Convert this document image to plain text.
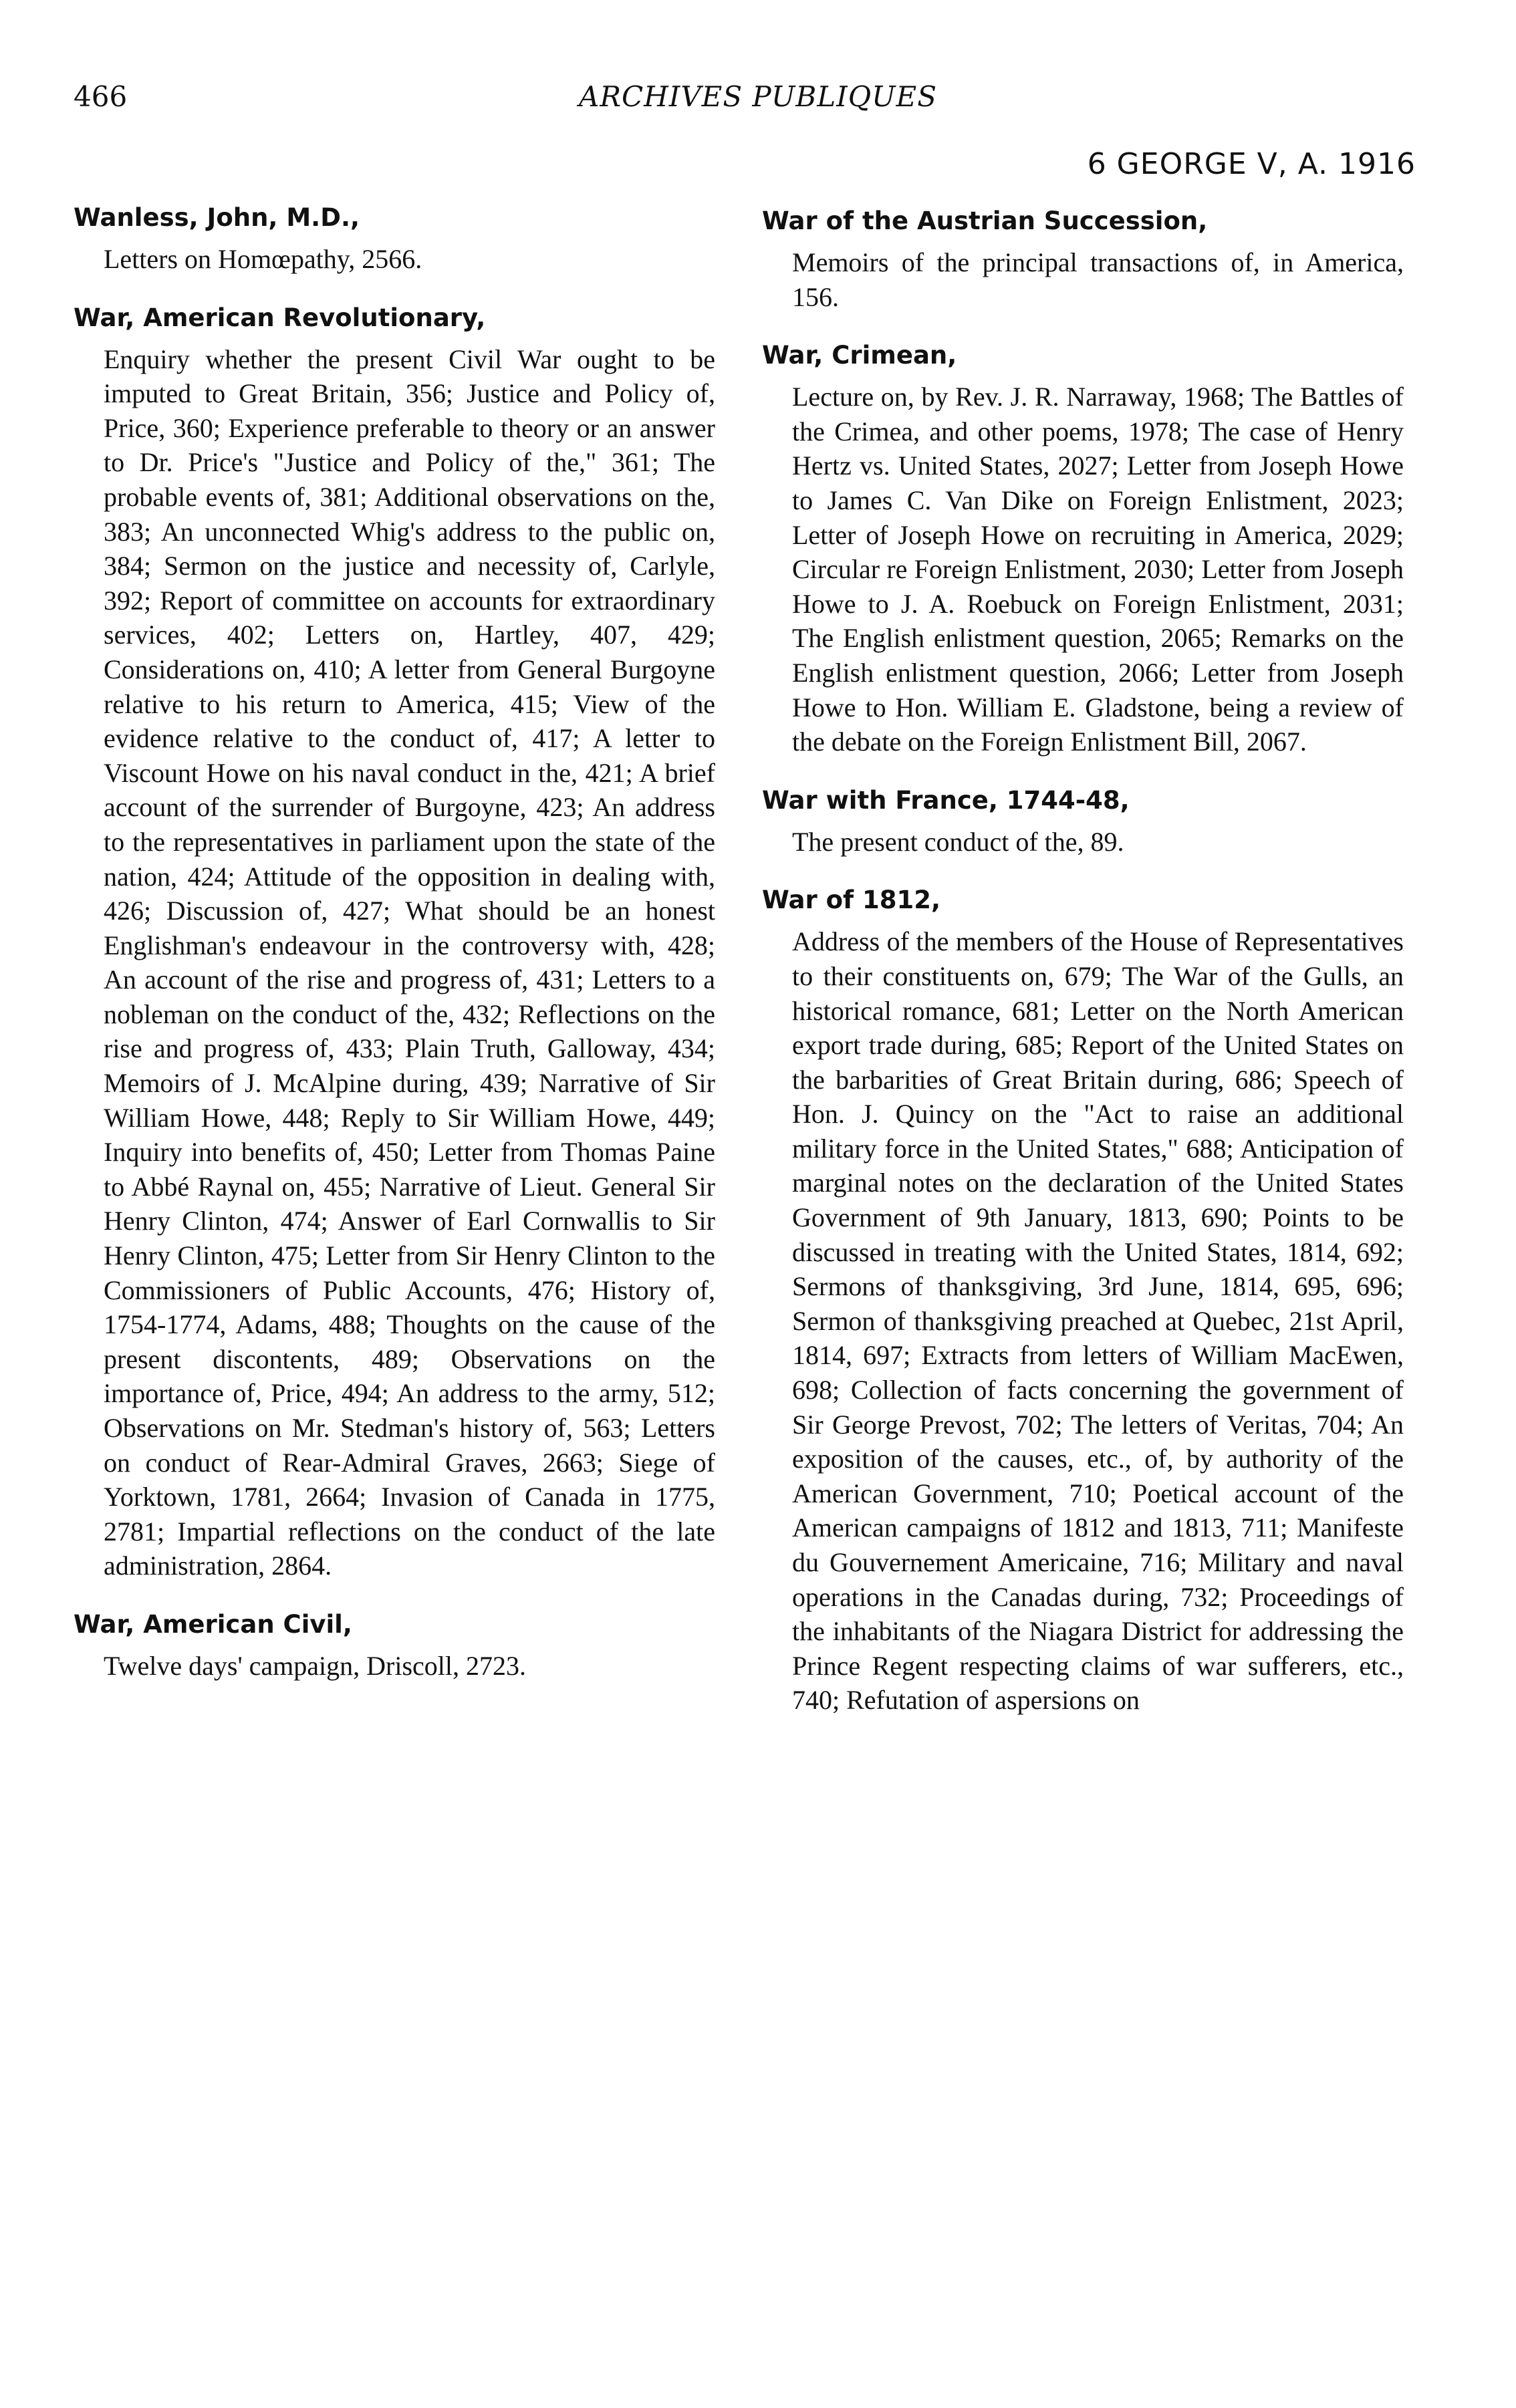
466	ARCHIVES PUBLIQUES
6 GEORGE V, A. 1916
Wanless, John, M.D.,
Letters on Homœpathy, 2566.
War, American Revolutionary,
Enquiry whether the present Civil War ought to be imputed to Great Britain, 356; Justice and Policy of, Price, 360; Experience preferable to theory or an answer to Dr. Price's "Justice and Policy of the," 361; The probable events of, 381; Additional observations on the, 383; An unconnected Whig's address to the public on, 384; Sermon on the justice and necessity of, Carlyle, 392; Report of committee on accounts for extraordinary services, 402; Letters on, Hartley, 407, 429; Considerations on, 410; A letter from General Burgoyne relative to his return to America, 415; View of the evidence relative to the conduct of, 417; A letter to Viscount Howe on his naval conduct in the, 421; A brief account of the surrender of Burgoyne, 423; An address to the representatives in parliament upon the state of the nation, 424; Attitude of the opposition in dealing with, 426; Discussion of, 427; What should be an honest Englishman's endeavour in the controversy with, 428; An account of the rise and progress of, 431; Letters to a nobleman on the conduct of the, 432; Reflections on the rise and progress of, 433; Plain Truth, Galloway, 434; Memoirs of J. McAlpine during, 439; Narrative of Sir William Howe, 448; Reply to Sir William Howe, 449; Inquiry into benefits of, 450; Letter from Thomas Paine to Abbé Raynal on, 455; Narrative of Lieut. General Sir Henry Clinton, 474; Answer of Earl Cornwallis to Sir Henry Clinton, 475; Letter from Sir Henry Clinton to the Commissioners of Public Accounts, 476; History of, 1754-1774, Adams, 488; Thoughts on the cause of the present discontents, 489; Observations on the importance of, Price, 494; An address to the army, 512; Observations on Mr. Stedman's history of, 563; Letters on conduct of Rear-Admiral Graves, 2663; Siege of Yorktown, 1781, 2664; Invasion of Canada in 1775, 2781; Impartial reflections on the conduct of the late administration, 2864.
War, American Civil,
Twelve days' campaign, Driscoll, 2723.
War of the Austrian Succession,
Memoirs of the principal transactions of, in America, 156.
War, Crimean,
Lecture on, by Rev. J. R. Narraway, 1968; The Battles of the Crimea, and other poems, 1978; The case of Henry Hertz vs. United States, 2027; Letter from Joseph Howe to James C. Van Dike on Foreign Enlistment, 2023; Letter of Joseph Howe on recruiting in America, 2029; Circular re Foreign Enlistment, 2030; Letter from Joseph Howe to J. A. Roebuck on Foreign Enlistment, 2031; The English enlistment question, 2065; Remarks on the English enlistment question, 2066; Letter from Joseph Howe to Hon. William E. Gladstone, being a review of the debate on the Foreign Enlistment Bill, 2067.
War with France, 1744-48,
The present conduct of the, 89.
War of 1812,
Address of the members of the House of Representatives to their constituents on, 679; The War of the Gulls, an historical romance, 681; Letter on the North American export trade during, 685; Report of the United States on the barbarities of Great Britain during, 686; Speech of Hon. J. Quincy on the "Act to raise an additional military force in the United States," 688; Anticipation of marginal notes on the declaration of the United States Government of 9th January, 1813, 690; Points to be discussed in treating with the United States, 1814, 692; Sermons of thanksgiving, 3rd June, 1814, 695, 696; Sermon of thanksgiving preached at Quebec, 21st April, 1814, 697; Extracts from letters of William MacEwen, 698; Collection of facts concerning the government of Sir George Prevost, 702; The letters of Veritas, 704; An exposition of the causes, etc., of, by authority of the American Government, 710; Poetical account of the American campaigns of 1812 and 1813, 711; Manifeste du Gouvernement Americaine, 716; Military and naval operations in the Canadas during, 732; Proceedings of the inhabitants of the Niagara District for addressing the Prince Regent respecting claims of war sufferers, etc., 740; Refutation of aspersions on
